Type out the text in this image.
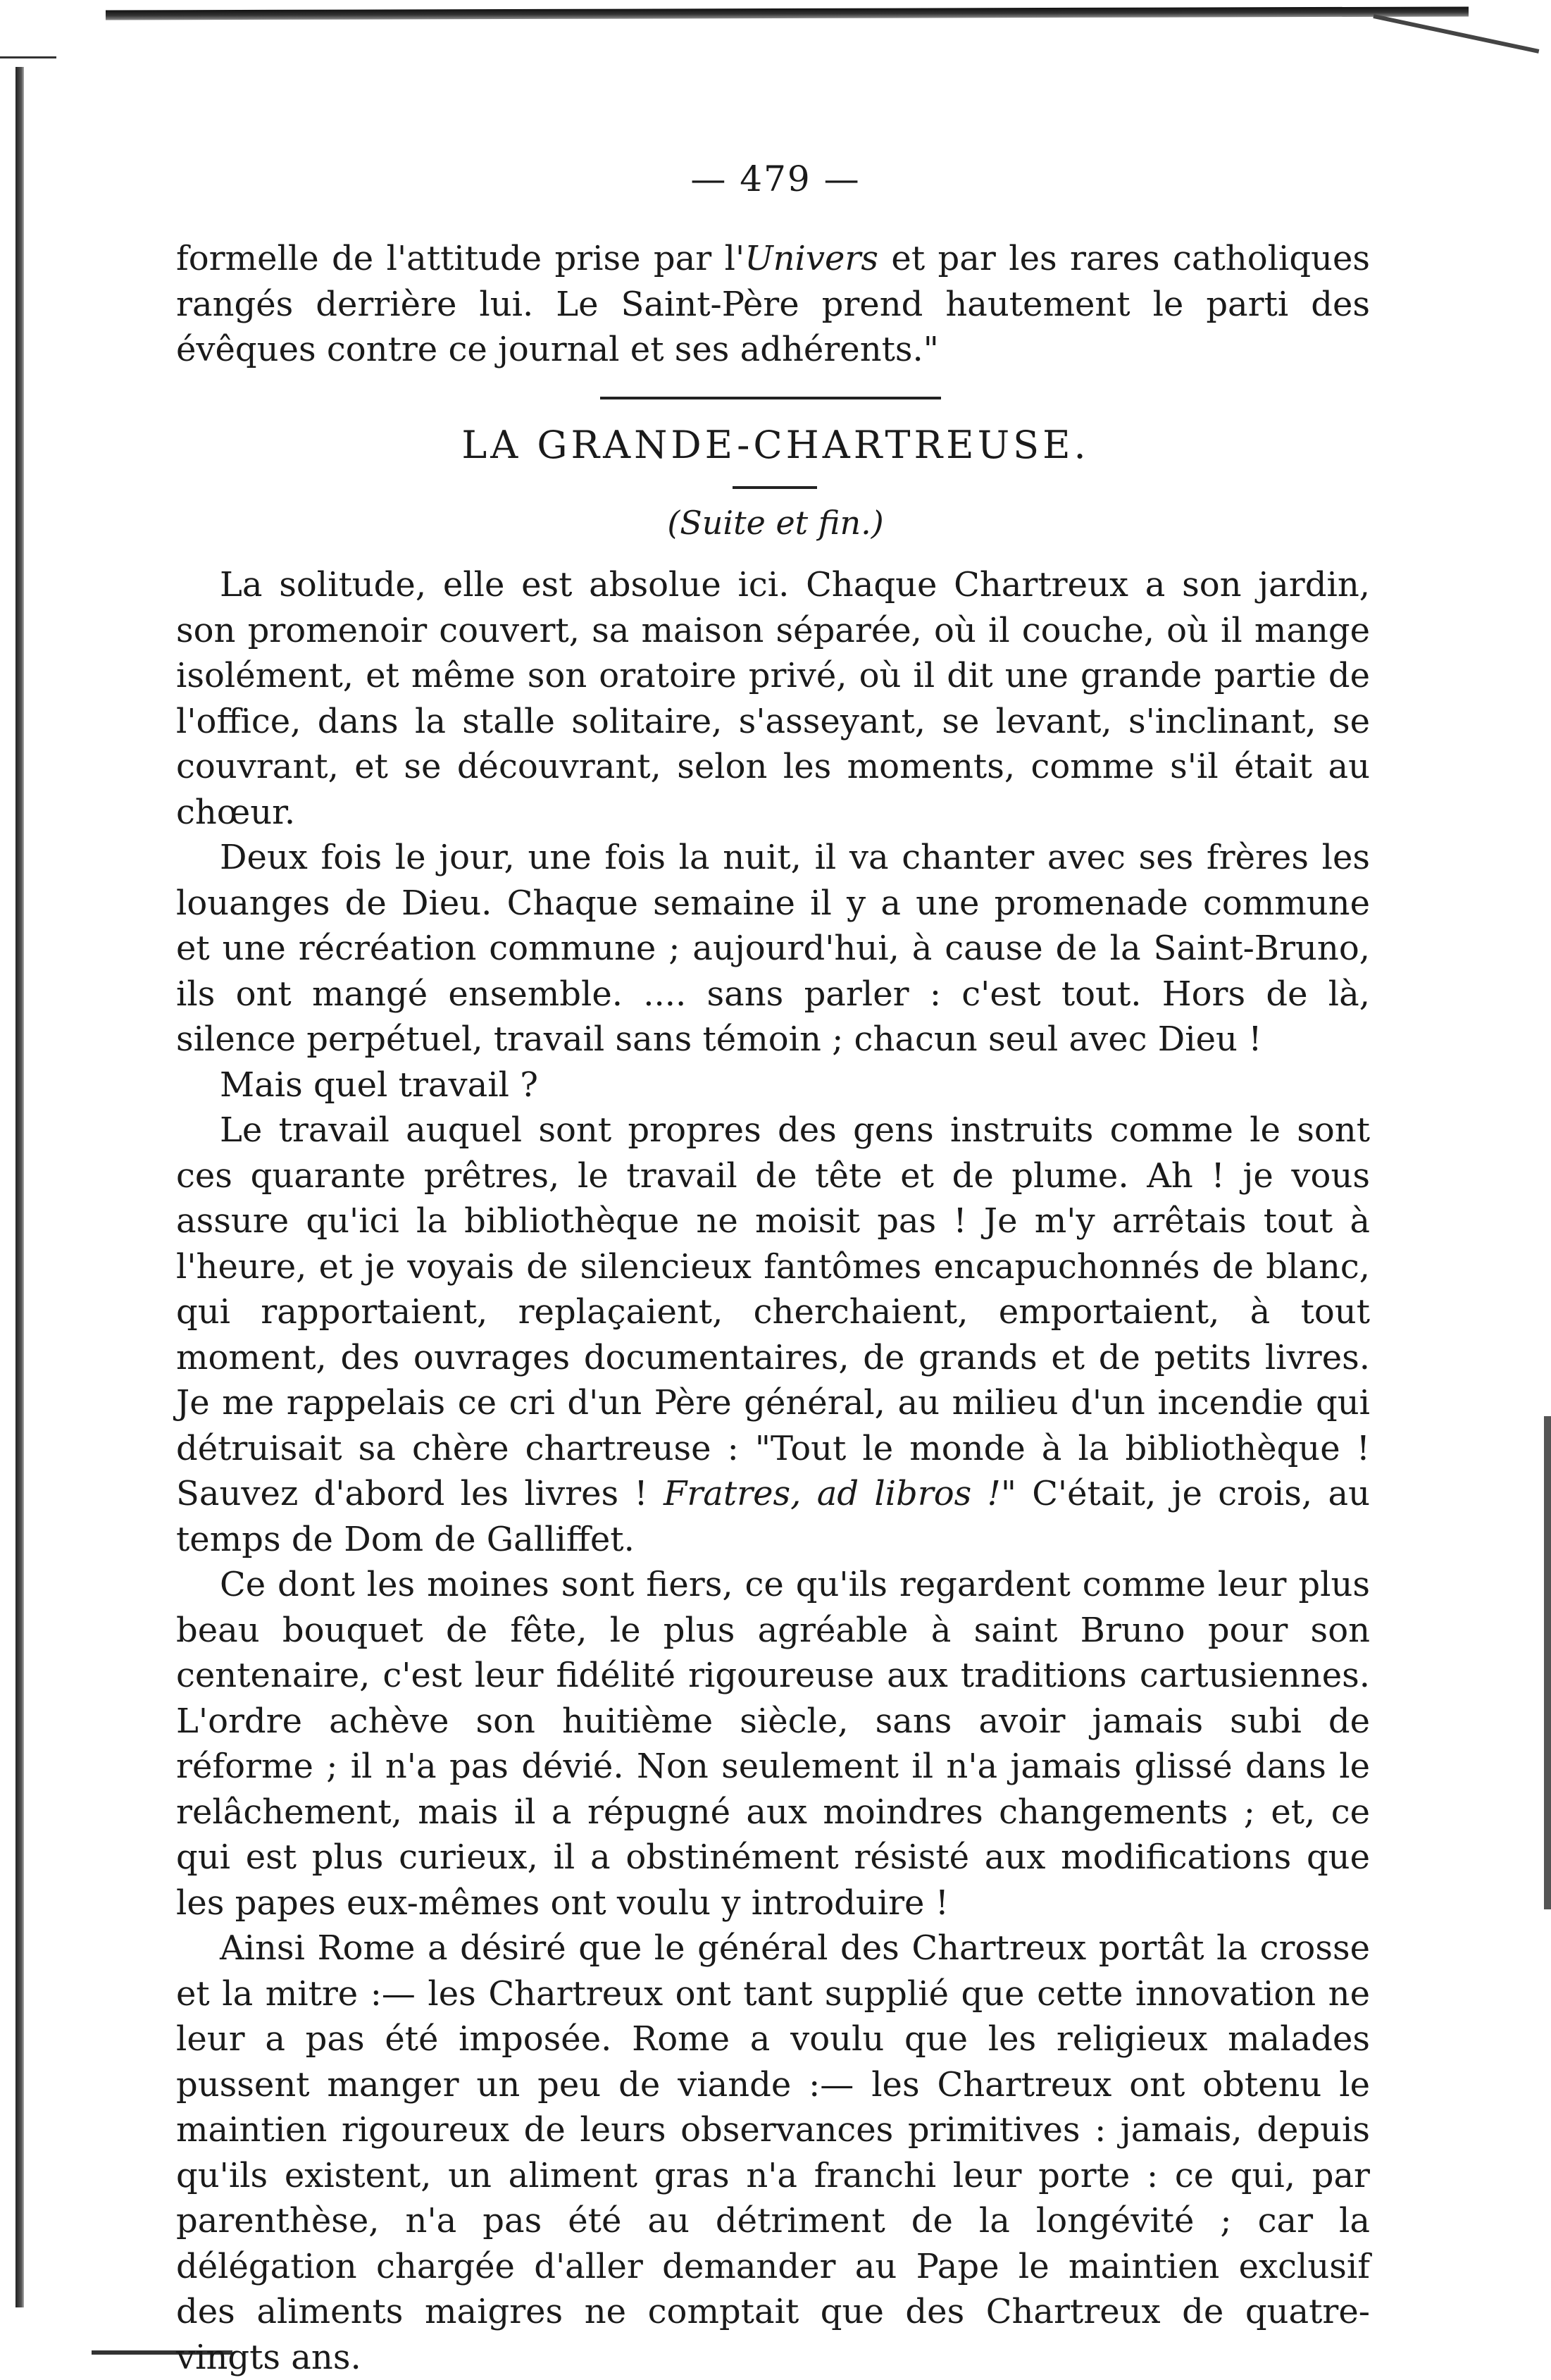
— 479 —

formelle de l'attitude prise par l'Univers et par les rares catholiques rangés derrière lui. Le Saint-Père prend hautement le parti des évêques contre ce journal et ses adhérents."

LA GRANDE-CHARTREUSE.
(Suite et fin.)

La solitude, elle est absolue ici. Chaque Chartreux a son jardin, son promenoir couvert, sa maison séparée, où il couche, où il mange isolément, et même son oratoire privé, où il dit une grande partie de l'office, dans la stalle solitaire, s'asseyant, se levant, s'inclinant, se couvrant, et se découvrant, selon les moments, comme s'il était au chœur.

Deux fois le jour, une fois la nuit, il va chanter avec ses frères les louanges de Dieu. Chaque semaine il y a une promenade commune et une récréation commune ; aujourd'hui, à cause de la Saint-Bruno, ils ont mangé ensemble. .... sans parler : c'est tout. Hors de là, silence perpétuel, travail sans témoin ; chacun seul avec Dieu !

Mais quel travail ?

Le travail auquel sont propres des gens instruits comme le sont ces quarante prêtres, le travail de tête et de plume. Ah ! je vous assure qu'ici la bibliothèque ne moisit pas ! Je m'y arrêtais tout à l'heure, et je voyais de silencieux fantômes encapuchonnés de blanc, qui rapportaient, replaçaient, cherchaient, emportaient, à tout moment, des ouvrages documentaires, de grands et de petits livres. Je me rappelais ce cri d'un Père général, au milieu d'un incendie qui détruisait sa chère chartreuse : "Tout le monde à la bibliothèque ! Sauvez d'abord les livres ! Fratres, ad libros !" C'était, je crois, au temps de Dom de Galliffet.

Ce dont les moines sont fiers, ce qu'ils regardent comme leur plus beau bouquet de fête, le plus agréable à saint Bruno pour son centenaire, c'est leur fidélité rigoureuse aux traditions cartusiennes. L'ordre achève son huitième siècle, sans avoir jamais subi de réforme ; il n'a pas dévié. Non seulement il n'a jamais glissé dans le relâchement, mais il a répugné aux moindres changements ; et, ce qui est plus curieux, il a obstinément résisté aux modifications que les papes eux-mêmes ont voulu y introduire !

Ainsi Rome a désiré que le général des Chartreux portât la crosse et la mitre :— les Chartreux ont tant supplié que cette innovation ne leur a pas été imposée. Rome a voulu que les religieux malades pussent manger un peu de viande :— les Chartreux ont obtenu le maintien rigoureux de leurs observances primitives : jamais, depuis qu'ils existent, un aliment gras n'a franchi leur porte : ce qui, par parenthèse, n'a pas été au détriment de la longévité ; car la délégation chargée d'aller demander au Pape le maintien exclusif des aliments maigres ne comptait que des Chartreux de quatre-vingts ans.
